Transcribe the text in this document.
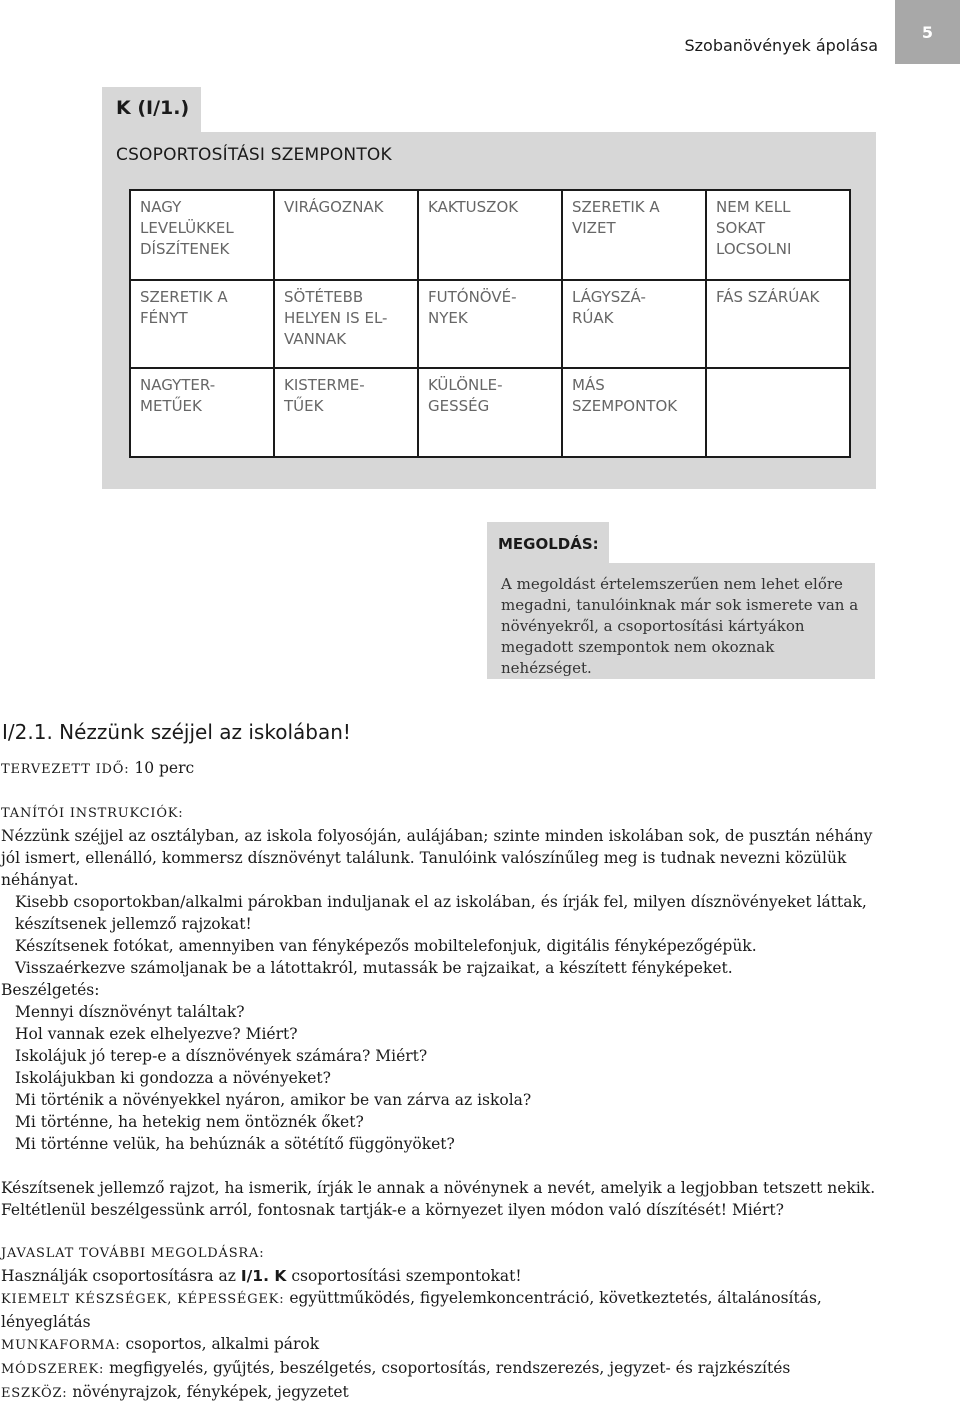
Szobanövények ápolása
5
K (I/1.)
CSOPORTOSÍTÁSI SZEMPONTOK
NAGY
LEVELÜKKEL
DÍSZÍTENEK
VIRÁGOZNAK	KAKTUSZOK	SZERETIK A
VIZET
NEM KELL
SOKAT
LOCSOLNI
SZERETIK A
FÉNYT
SÖTÉTEBB
HELYEN IS EL-
VANNAK
FUTÓNÖVÉ-
NYEK
LÁGYSZÁ-
RÚAK
FÁS SZÁRÚAK
NAGYTER-
METŰEK
KISTERME-
TŰEK
KÜLÖNLE-
GESSÉG
MÁS
SZEMPONTOK
MEGOLDÁS:
A megoldást értelemszerűen nem lehet előre megadni, tanulóinknak már sok ismerete van a növényekről, a csoportosítási kártyákon megadott szempontok nem okoznak nehézséget.
I/2.1. Nézzünk széjjel az iskolában!

TERVEZETT IDŐ: 10 perc

TANÍTÓI INSTRUKCIÓK:

Nézzünk széjjel az osztályban, az iskola folyosóján, aulájában; szinte minden iskolában sok, de pusztán néhány jól ismert, ellenálló, kommersz dísznövényt találunk. Tanulóink valószínűleg meg is tudnak nevezni közülük néhányat.

Kisebb csoportokban/alkalmi párokban induljanak el az iskolában, és írják fel, milyen dísznövényeket láttak, készítsenek jellemző rajzokat!

Készítsenek fotókat, amennyiben van fényképezős mobiltelefonjuk, digitális fényképezőgépük.

Visszaérkezve számoljanak be a látottakról, mutassák be rajzaikat, a készített fényképeket.

Beszélgetés:

Mennyi dísznövényt találtak?

Hol vannak ezek elhelyezve? Miért?

Iskolájuk jó terep-e a dísznövények számára? Miért?

Iskolájukban ki gondozza a növényeket?

Mi történik a növényekkel nyáron, amikor be van zárva az iskola?

Mi történne, ha hetekig nem öntöznék őket?

Mi történne velük, ha behúznák a sötétítő függönyöket?

Készítsenek jellemző rajzot, ha ismerik, írják le annak a növénynek a nevét, amelyik a legjobban tetszett nekik. Feltétlenül beszélgessünk arról, fontosnak tartják-e a környezet ilyen módon való díszítését! Miért?

JAVASLAT TOVÁBBI MEGOLDÁSRA:

Használják csoportosításra az I/1. K csoportosítási szempontokat!

KIEMELT KÉSZSÉGEK, KÉPESSÉGEK: együttműködés, figyelemkoncentráció, következtetés, általánosítás, lényeglátás

MUNKAFORMA: csoportos, alkalmi párok

MÓDSZEREK: megfigyelés, gyűjtés, beszélgetés, csoportosítás, rendszerezés, jegyzet- és rajzkészítés

ESZKÖZ: növényrajzok, fényképek, jegyzetet
